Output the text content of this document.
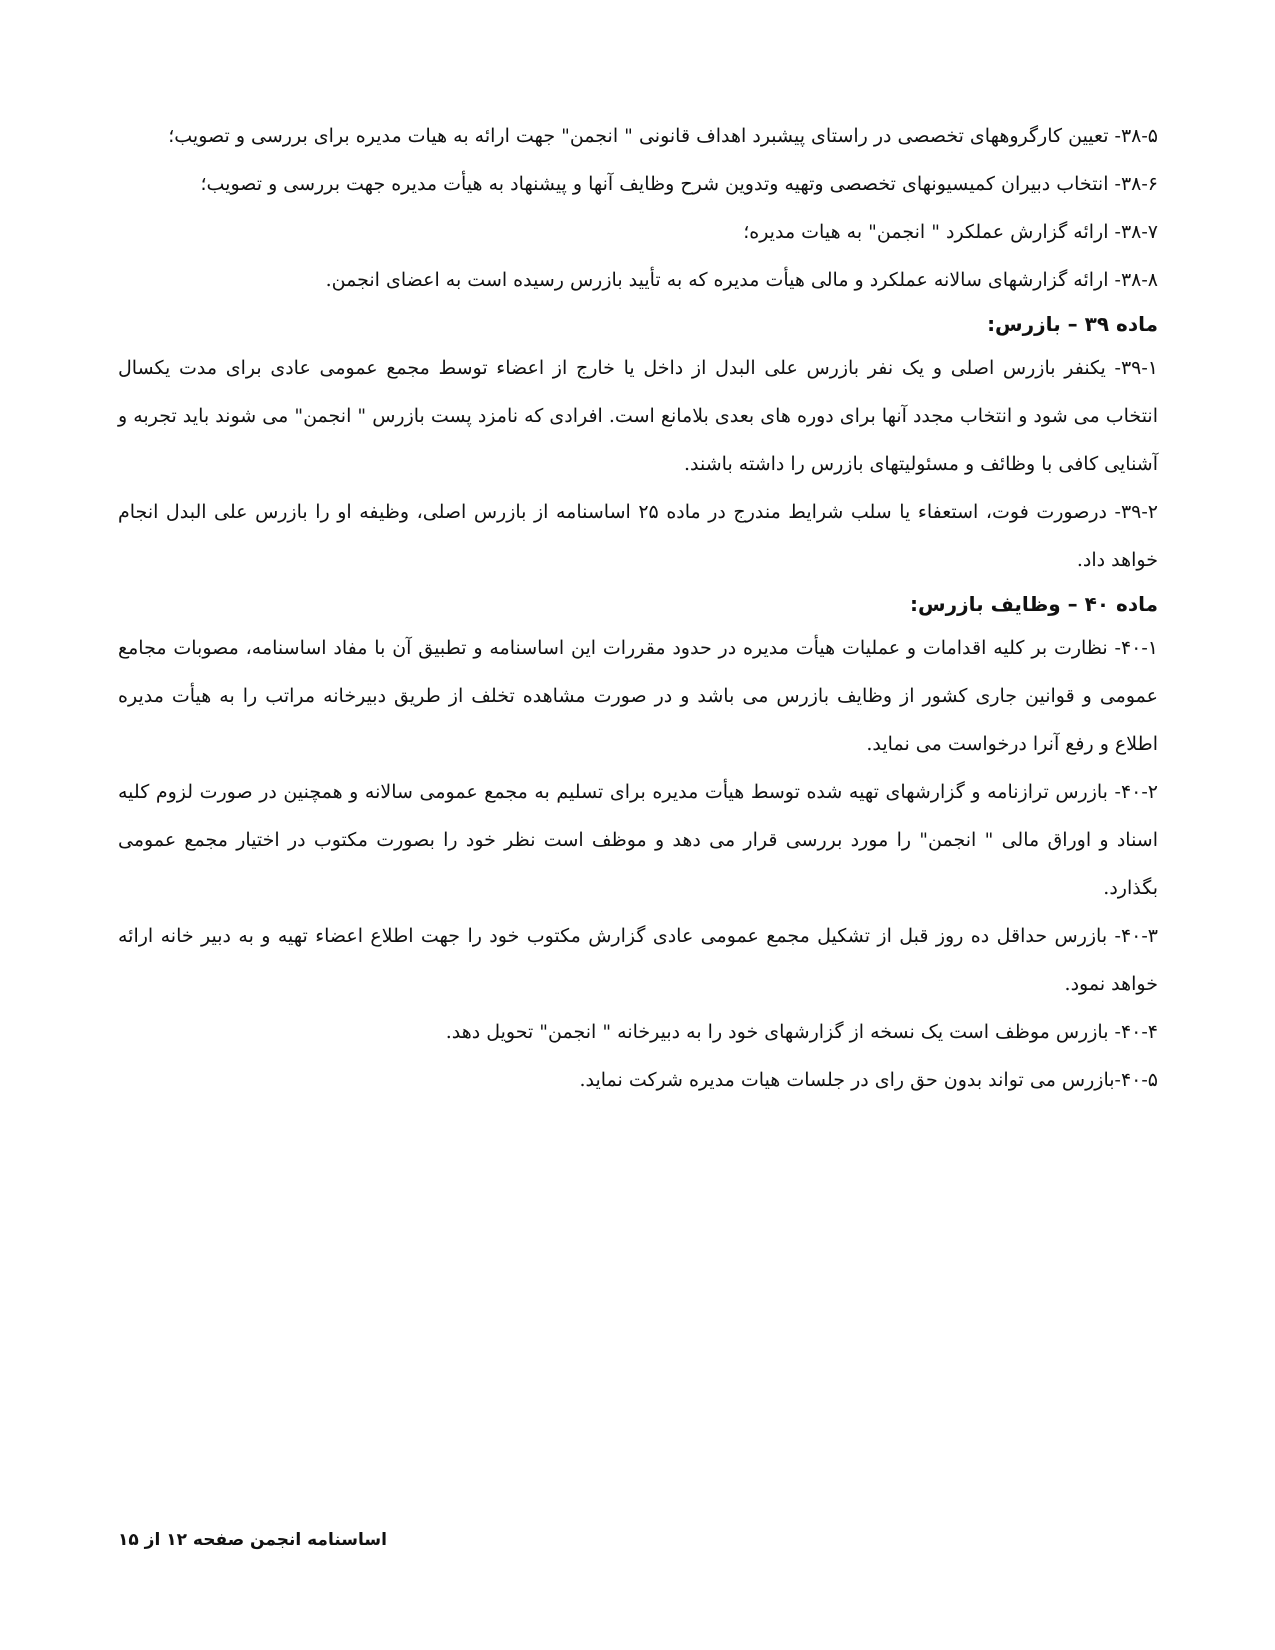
۳۸-۵- تعیین کارگروههای تخصصی در راستای پیشبرد اهداف قانونی " انجمن" جهت ارائه به هیات مدیره برای بررسی و تصویب؛

۳۸-۶- انتخاب دبیران کمیسیونهای تخصصی وتهیه وتدوین شرح وظایف آنها و پیشنهاد به هیأت مدیره جهت بررسی و تصویب؛

۳۸-۷- ارائه گزارش عملکرد " انجمن" به هیات مدیره؛

۳۸-۸- ارائه گزارشهای سالانه عملکرد و مالی هیأت مدیره که به تأیید بازرس رسیده است به اعضای انجمن.

ماده ۳۹ – بازرس:

۳۹-۱- یکنفر بازرس اصلی و یک نفر بازرس علی البدل از داخل یا خارج از اعضاء توسط مجمع عمومی عادی برای مدت یکسال انتخاب می شود و انتخاب مجدد آنها برای دوره های بعدی بلامانع است. افرادی که نامزد پست بازرس " انجمن" می شوند باید تجربه و آشنایی کافی با وظائف و مسئولیتهای بازرس را داشته باشند.

۳۹-۲- درصورت فوت، استعفاء یا سلب شرایط مندرج در ماده ۲۵ اساسنامه از بازرس اصلی، وظیفه او را بازرس علی البدل انجام خواهد داد.

ماده ۴۰ – وظایف بازرس:

۴۰-۱- نظارت بر کلیه اقدامات و عملیات هیأت مدیره در حدود مقررات این اساسنامه و تطبیق آن با مفاد اساسنامه، مصوبات مجامع عمومی و قوانین جاری کشور از وظایف بازرس می باشد و در صورت مشاهده تخلف از طریق دبیرخانه مراتب را به هیأت مدیره اطلاع و رفع آنرا درخواست می نماید.

۴۰-۲- بازرس ترازنامه و گزارشهای تهیه شده توسط هیأت مدیره برای تسلیم به مجمع عمومی سالانه و همچنین در صورت لزوم کلیه اسناد و اوراق مالی " انجمن" را مورد بررسی قرار می دهد و موظف است نظر خود را بصورت مکتوب در اختیار مجمع عمومی بگذارد.

۴۰-۳- بازرس حداقل ده روز قبل از تشکیل مجمع عمومی عادی گزارش مکتوب خود را جهت اطلاع اعضاء تهیه و به دبیر خانه ارائه خواهد نمود.

۴۰-۴- بازرس موظف است یک نسخه از گزارشهای خود را به دبیرخانه " انجمن" تحویل دهد.

۴۰-۵-بازرس می تواند بدون حق رای در جلسات هیات مدیره شرکت نماید.

اساسنامه انجمن صفحه ۱۲ از ۱۵
